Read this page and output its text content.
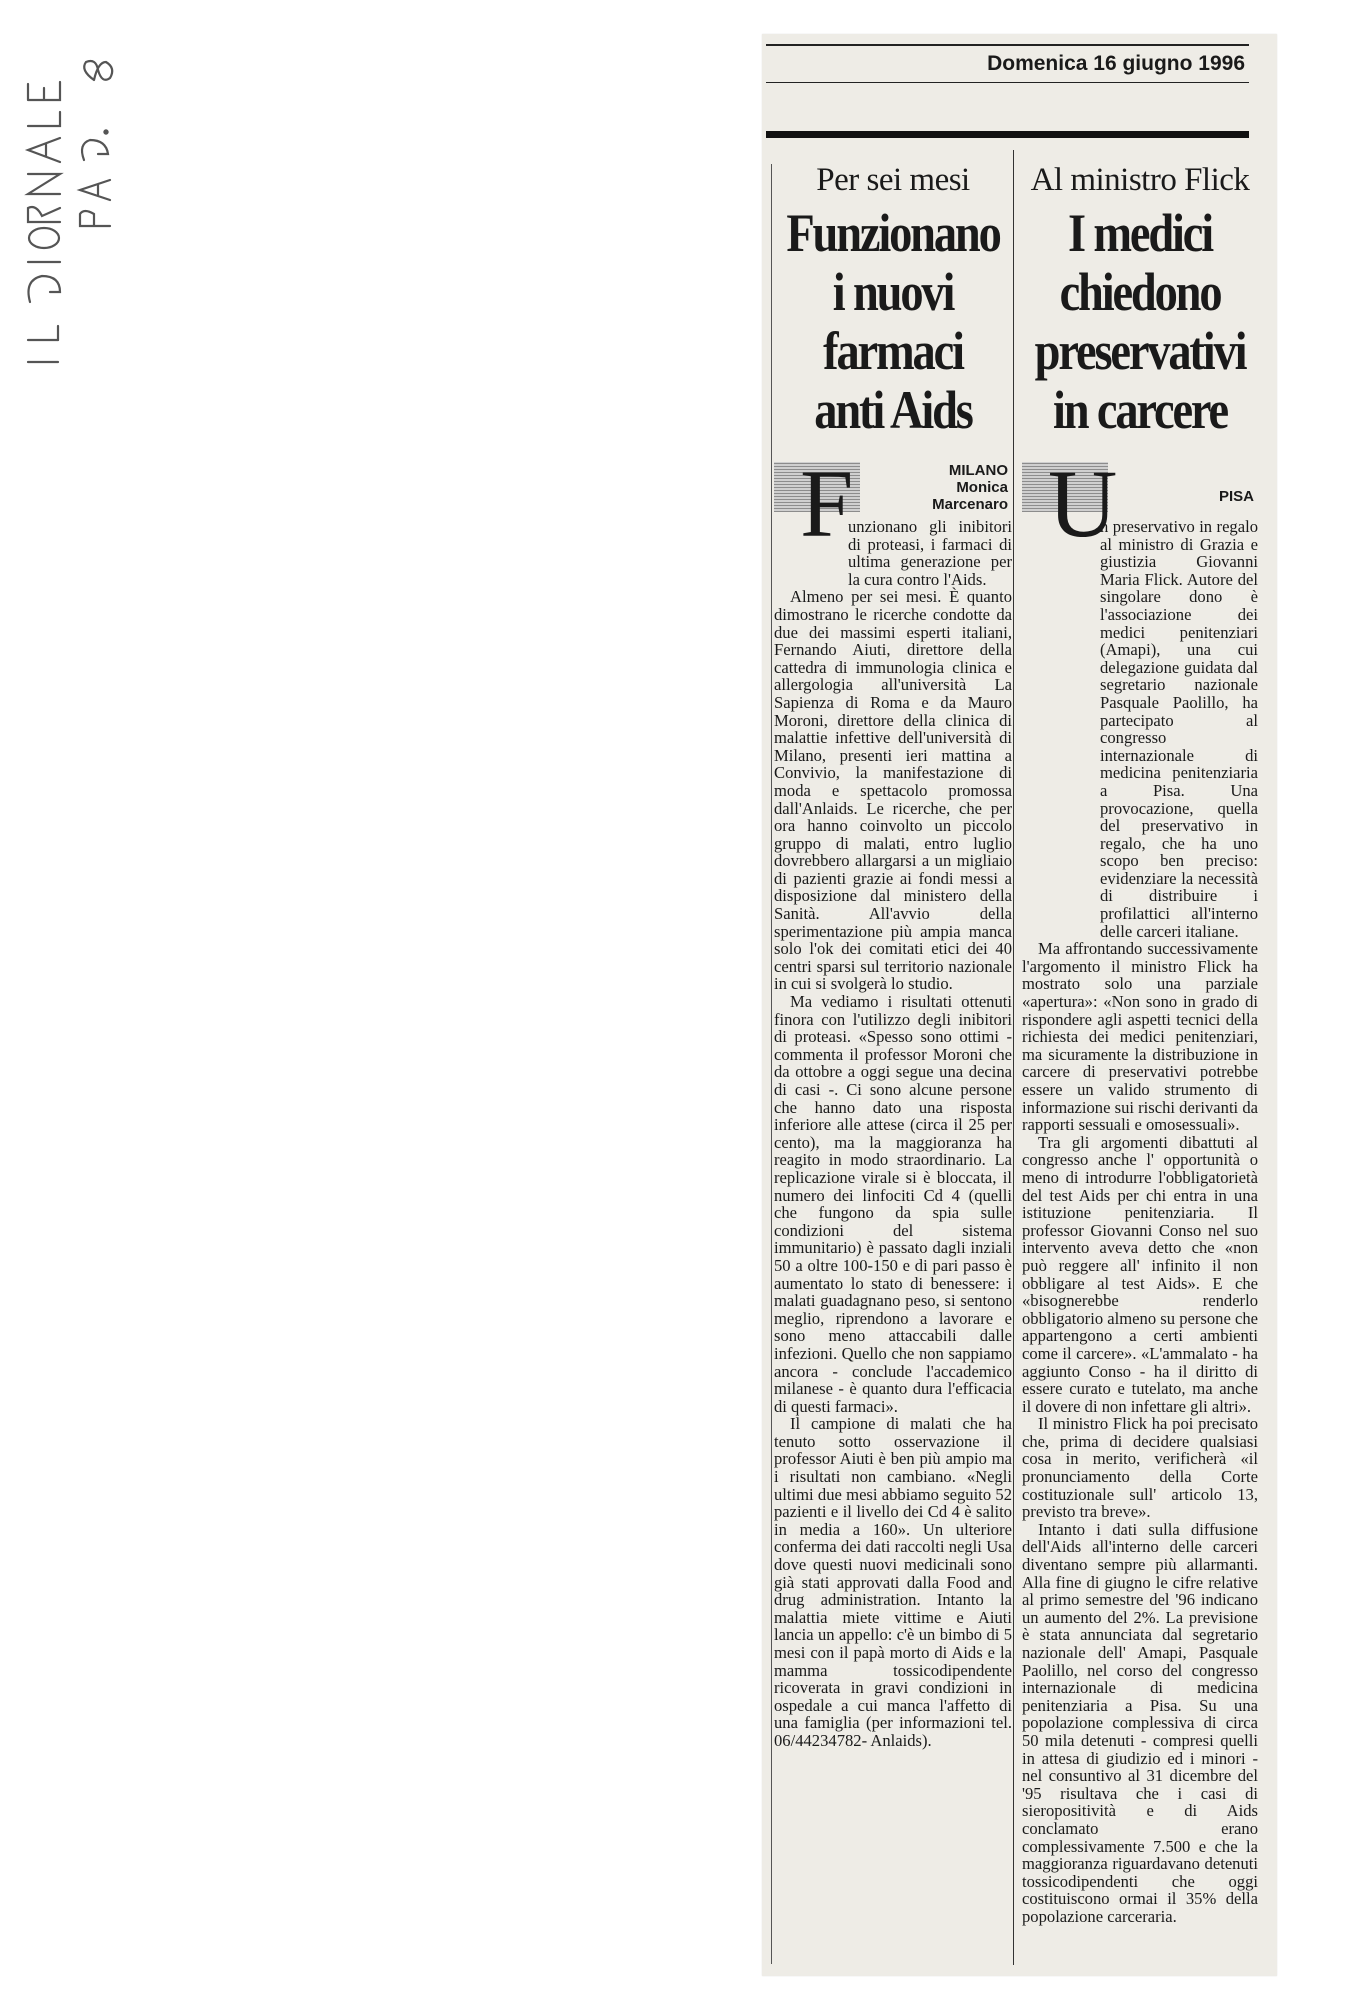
Domenica 16 giugno 1996
Per sei mesi
Funzionano
i nuovi
farmaci
anti Aids
F	MILANO
Monica
Marcenaro

unzionano gli inibitori di proteasi, i farmaci di ultima generazione per la cura contro l'Aids.

Almeno per sei mesi. È quanto dimostrano le ricerche condotte da due dei massimi esperti italiani, Fernando Aiuti, direttore della cattedra di immunologia clinica e allergologia all'università La Sapienza di Roma e da Mauro Moroni, direttore della clinica di malattie infettive dell'università di Milano, presenti ieri mattina a Convivio, la manifestazione di moda e spettacolo promossa dall'Anlaids. Le ricerche, che per ora hanno coinvolto un piccolo gruppo di malati, entro luglio dovrebbero allargarsi a un migliaio di pazienti grazie ai fondi messi a disposizione dal ministero della Sanità. All'avvio della sperimentazione più ampia manca solo l'ok dei comitati etici dei 40 centri sparsi sul territorio nazionale in cui si svolgerà lo studio.

Ma vediamo i risultati ottenuti finora con l'utilizzo degli inibitori di proteasi. «Spesso sono ottimi - commenta il professor Moroni che da ottobre a oggi segue una decina di casi -. Ci sono alcune persone che hanno dato una risposta inferiore alle attese (circa il 25 per cento), ma la maggioranza ha reagito in modo straordinario. La replicazione virale si è bloccata, il numero dei linfociti Cd 4 (quelli che fungono da spia sulle condizioni del sistema immunitario) è passato dagli inziali 50 a oltre 100-150 e di pari passo è aumentato lo stato di benessere: i malati guadagnano peso, si sentono meglio, riprendono a lavorare e sono meno attaccabili dalle infezioni. Quello che non sappiamo ancora - conclude l'accademico milanese - è quanto dura l'efficacia di questi farmaci».

Il campione di malati che ha tenuto sotto osservazione il professor Aiuti è ben più ampio ma i risultati non cambiano. «Negli ultimi due mesi abbiamo seguito 52 pazienti e il livello dei Cd 4 è salito in media a 160». Un ulteriore conferma dei dati raccolti negli Usa dove questi nuovi medicinali sono già stati approvati dalla Food and drug administration. Intanto la malattia miete vittime e Aiuti lancia un appello: c'è un bimbo di 5 mesi con il papà morto di Aids e la mamma tossicodipendente ricoverata in gravi condizioni in ospedale a cui manca l'affetto di una famiglia (per informazioni tel. 06/44234782- Anlaids).

Al ministro Flick
I medici
chiedono
preservativi
in carcere
U	PISA

n preservativo in regalo al ministro di Grazia e giustizia Giovanni Maria Flick. Autore del singolare dono è l'associazione dei medici penitenziari (Amapi), una cui delegazione guidata dal segretario nazionale Pasquale Paolillo, ha partecipato al congresso internazionale di medicina penitenziaria a Pisa. Una provocazione, quella del preservativo in regalo, che ha uno scopo ben preciso: evidenziare la necessità di distribuire i profilattici all'interno delle carceri italiane.

Ma affrontando successivamente l'argomento il ministro Flick ha mostrato solo una parziale «apertura»: «Non sono in grado di rispondere agli aspetti tecnici della richiesta dei medici penitenziari, ma sicuramente la distribuzione in carcere di preservativi potrebbe essere un valido strumento di informazione sui rischi derivanti da rapporti sessuali e omosessuali».

Tra gli argomenti dibattuti al congresso anche l' opportunità o meno di introdurre l'obbligatorietà del test Aids per chi entra in una istituzione penitenziaria. Il professor Giovanni Conso nel suo intervento aveva detto che «non può reggere all' infinito il non obbligare al test Aids». E che «bisognerebbe renderlo obbligatorio almeno su persone che appartengono a certi ambienti come il carcere». «L'ammalato - ha aggiunto Conso - ha il diritto di essere curato e tutelato, ma anche il dovere di non infettare gli altri».

Il ministro Flick ha poi precisato che, prima di decidere qualsiasi cosa in merito, verificherà «il pronunciamento della Corte costituzionale sull' articolo 13, previsto tra breve».

Intanto i dati sulla diffusione dell'Aids all'interno delle carceri diventano sempre più allarmanti. Alla fine di giugno le cifre relative al primo semestre del '96 indicano un aumento del 2%. La previsione è stata annunciata dal segretario nazionale dell' Amapi, Pasquale Paolillo, nel corso del congresso internazionale di medicina penitenziaria a Pisa. Su una popolazione complessiva di circa 50 mila detenuti - compresi quelli in attesa di giudizio ed i minori - nel consuntivo al 31 dicembre del '95 risultava che i casi di sieropositività e di Aids conclamato erano complessivamente 7.500 e che la maggioranza riguardavano detenuti tossicodipendenti che oggi costituiscono ormai il 35% della popolazione carceraria.
